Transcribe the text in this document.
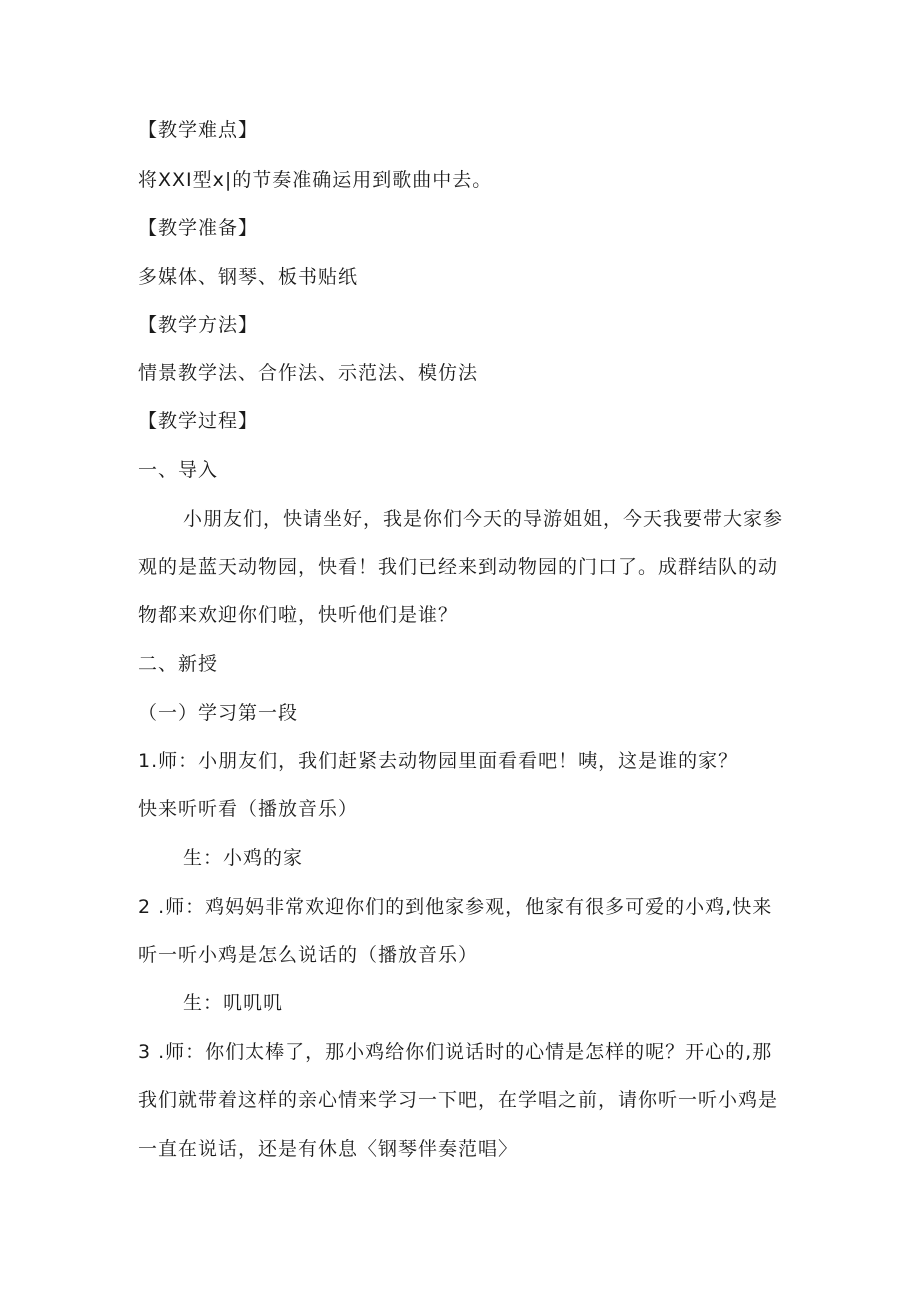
【教学难点】
将XXI型x|的节奏准确运用到歌曲中去。
【教学准备】
多媒体、钢琴、板书贴纸
【教学方法】
情景教学法、合作法、示范法、模仿法
【教学过程】
一、导入
小朋友们，快请坐好，我是你们今天的导游姐姐，今天我要带大家参
观的是蓝天动物园，快看！我们已经来到动物园的门口了。成群结队的动
物都来欢迎你们啦，快听他们是谁？
二、新授
（一）学习第一段
1.师：小朋友们，我们赶紧去动物园里面看看吧！咦，这是谁的家？
快来听听看（播放音乐）
生：小鸡的家
2 .师：鸡妈妈非常欢迎你们的到他家参观，他家有很多可爱的小鸡,快来
听一听小鸡是怎么说话的（播放音乐）
生：叽叽叽
3 .师：你们太棒了，那小鸡给你们说话时的心情是怎样的呢？开心的,那
我们就带着这样的亲心情来学习一下吧，在学唱之前，请你听一听小鸡是
一直在说话，还是有休息〈钢琴伴奏范唱〉
